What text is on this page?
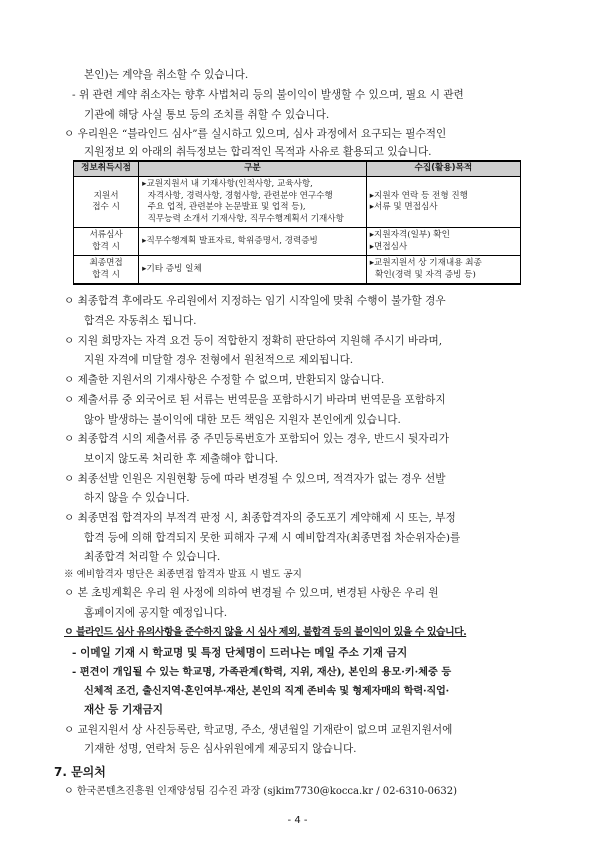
본인)는 계약을 취소할 수 있습니다.
- 위 관련 계약 취소자는 향후 사법처리 등의 불이익이 발생할 수 있으며, 필요 시 관련
기관에 해당 사실 통보 등의 조치를 취할 수 있습니다.
ㅇ 우리원은 “블라인드 심사”를 실시하고 있으며, 심사 과정에서 요구되는 필수적인
지원정보 외 아래의 취득정보는 합리적인 목적과 사유로 활용되고 있습니다.
정보취득시점	구분	수집(활용)목적
지원서
접수 시	▸교원지원서 내 기재사항(인적사항, 교육사항,
자격사항, 경력사항, 경험사항, 관련분야 연구수행
주요 업적, 관련분야 논문발표 및 업적 등),
직무능력 소개서 기재사항, 직무수행계획서 기재사항	▸지원자 연락 등 전형 진행
▸서류 및 면접심사
서류심사
합격 시	▸직무수행계획 발표자료, 학위증명서, 경력증빙	▸지원자격(일부) 확인
▸면접심사
최종면접
합격 시	▸기타 증빙 일체	▸교원지원서 상 기재내용 최종
확인(경력 및 자격 증빙 등)
ㅇ 최종합격 후에라도 우리원에서 지정하는 임기 시작일에 맞춰 수행이 불가할 경우
합격은 자동취소 됩니다.
ㅇ 지원 희망자는 자격 요건 등이 적합한지 정확히 판단하여 지원해 주시기 바라며,
지원 자격에 미달할 경우 전형에서 원천적으로 제외됩니다.
ㅇ 제출한 지원서의 기재사항은 수정할 수 없으며, 반환되지 않습니다.
ㅇ 제출서류 중 외국어로 된 서류는 번역문을 포함하시기 바라며 번역문을 포함하지
않아 발생하는 불이익에 대한 모든 책임은 지원자 본인에게 있습니다.
ㅇ 최종합격 시의 제출서류 중 주민등록번호가 포함되어 있는 경우, 반드시 뒷자리가
보이지 않도록 처리한 후 제출해야 합니다.
ㅇ 최종선발 인원은 지원현황 등에 따라 변경될 수 있으며, 적격자가 없는 경우 선발
하지 않을 수 있습니다.
ㅇ 최종면접 합격자의 부적격 판정 시, 최종합격자의 중도포기 계약해제 시 또는, 부정
합격 등에 의해 합격되지 못한 피해자 구제 시 예비합격자(최종면접 차순위자순)를
최종합격 처리할 수 있습니다.
※ 예비합격자 명단은 최종면접 합격자 발표 시 별도 공지
ㅇ 본 초빙계획은 우리 원 사정에 의하여 변경될 수 있으며, 변경된 사항은 우리 원
홈페이지에 공지할 예정입니다.
ㅇ 블라인드 심사 유의사항을 준수하지 않을 시 심사 제외, 불합격 등의 불이익이 있을 수 있습니다.
- 이메일 기재 시 학교명 및 특정 단체명이 드러나는 메일 주소 기재 금지
- 편견이 개입될 수 있는 학교명, 가족관계(학력, 지위, 재산), 본인의 용모·키·체중 등
신체적 조건, 출신지역·혼인여부·재산, 본인의 직계 존비속 및 형제자매의 학력·직업·
재산 등 기재금지
ㅇ 교원지원서 상 사진등록란, 학교명, 주소, 생년월일 기재란이 없으며 교원지원서에
기재한 성명, 연락처 등은 심사위원에게 제공되지 않습니다.
7. 문의처
ㅇ 한국콘텐츠진흥원 인재양성팀 김수진 과장 (sjkim7730@kocca.kr / 02-6310-0632)
- 4 -
